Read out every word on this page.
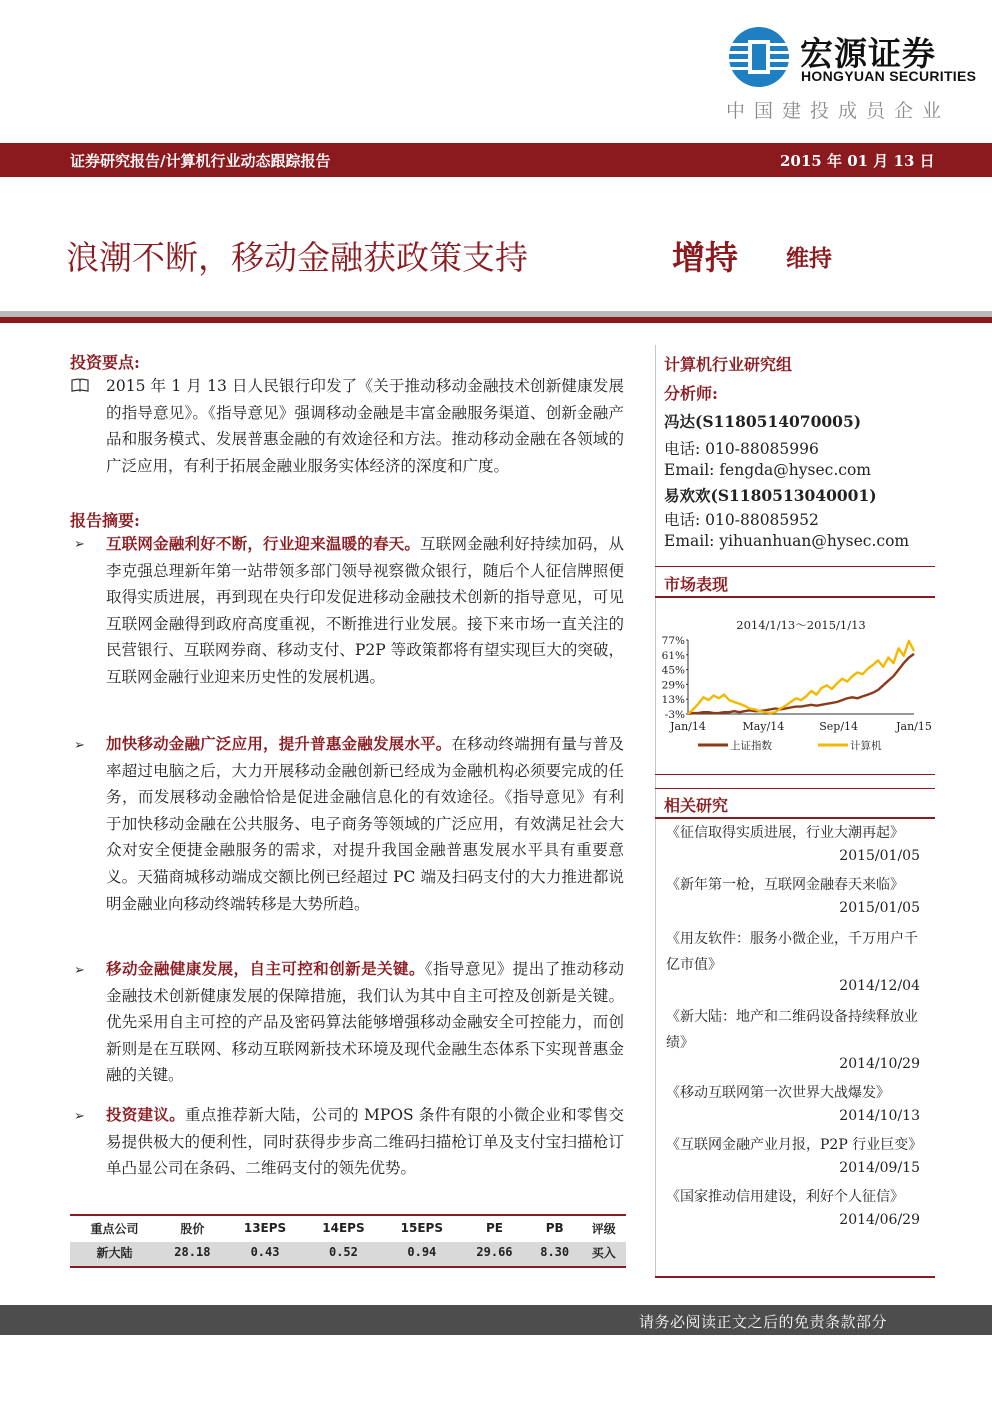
宏源证券
HONGYUAN SECURITIES
中国建投成员企业
证券研究报告/计算机行业动态跟踪报告	2015 年 01 月 13 日
浪潮不断，移动金融获政策支持	增持 维持
投资要点:
2015 年 1 月 13 日人民银行印发了《关于推动移动金融技术创新健康发展的指导意见》。《指导意见》强调移动金融是丰富金融服务渠道、创新金融产品和服务模式、发展普惠金融的有效途径和方法。推动移动金融在各领域的广泛应用，有利于拓展金融业服务实体经济的深度和广度。
报告摘要:
➢ 互联网金融利好不断，行业迎来温暖的春天。互联网金融利好持续加码，从李克强总理新年第一站带领多部门领导视察微众银行，随后个人征信牌照便取得实质进展，再到现在央行印发促进移动金融技术创新的指导意见，可见互联网金融得到政府高度重视，不断推进行业发展。接下来市场一直关注的民营银行、互联网券商、移动支付、P2P 等政策都将有望实现巨大的突破，互联网金融行业迎来历史性的发展机遇。
➢ 加快移动金融广泛应用，提升普惠金融发展水平。在移动终端拥有量与普及率超过电脑之后，大力开展移动金融创新已经成为金融机构必须要完成的任务，而发展移动金融恰恰是促进金融信息化的有效途径。《指导意见》有利于加快移动金融在公共服务、电子商务等领域的广泛应用，有效满足社会大众对安全便捷金融服务的需求，对提升我国金融普惠发展水平具有重要意义。天猫商城移动端成交额比例已经超过 PC 端及扫码支付的大力推进都说明金融业向移动终端转移是大势所趋。
➢ 移动金融健康发展，自主可控和创新是关键。《指导意见》提出了推动移动金融技术创新健康发展的保障措施，我们认为其中自主可控及创新是关键。优先采用自主可控的产品及密码算法能够增强移动金融安全可控能力，而创新则是在互联网、移动互联网新技术环境及现代金融生态体系下实现普惠金融的关键。
➢ 投资建议。重点推荐新大陆，公司的 MPOS 条件有限的小微企业和零售交易提供极大的便利性，同时获得步步高二维码扫描枪订单及支付宝扫描枪订单凸显公司在条码、二维码支付的领先优势。
重点公司	股价	13EPS	14EPS	15EPS	PE	PB	评级
新大陆	28.18	0.43	0.52	0.94	29.66	8.30	买入
计算机行业研究组
分析师:
冯达(S1180514070005)
电话: 010-88085996
Email: fengda@hysec.com
易欢欢(S1180513040001)
电话: 010-88085952
Email: yihuanhuan@hysec.com
市场表现
2014/1/13～2015/1/13
77%
61%
45%
29%
13%
-3%
Jan/14	May/14	Sep/14	Jan/15
上证指数	计算机
相关研究
《征信取得实质进展，行业大潮再起》
2015/01/05
《新年第一枪，互联网金融春天来临》
2015/01/05
《用友软件：服务小微企业，千万用户千亿市值》
2014/12/04
《新大陆：地产和二维码设备持续释放业绩》
2014/10/29
《移动互联网第一次世界大战爆发》
2014/10/13
《互联网金融产业月报，P2P 行业巨变》
2014/09/15
《国家推动信用建设，利好个人征信》
2014/06/29
请务必阅读正文之后的免责条款部分
